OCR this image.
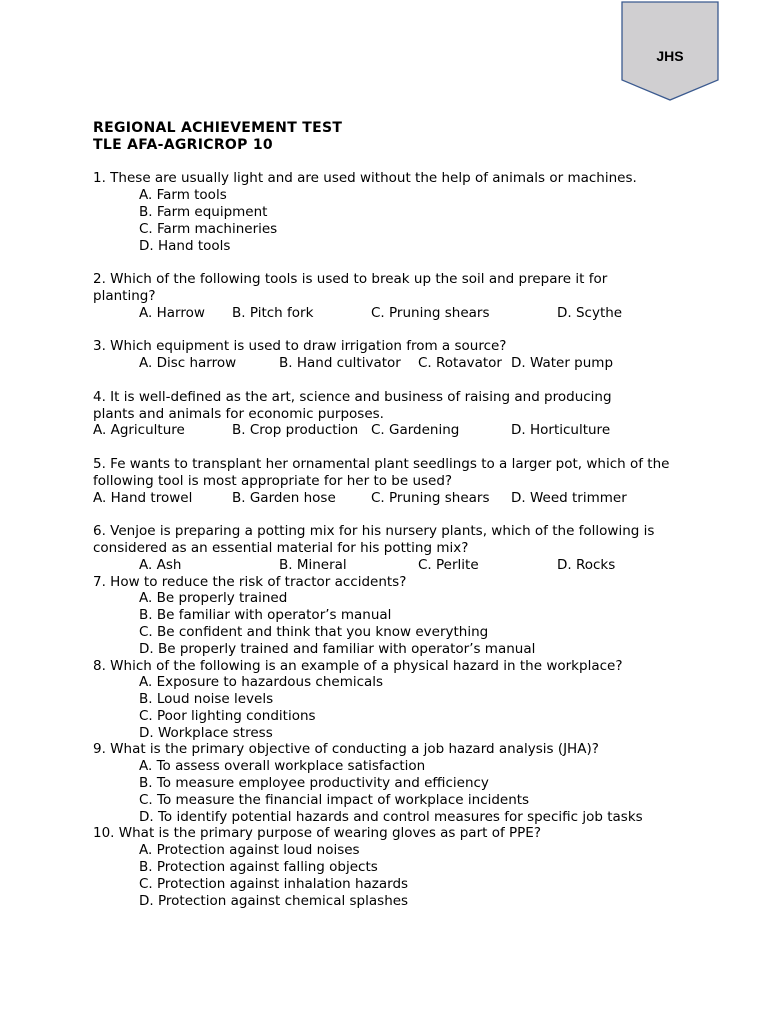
JHS
REGIONAL ACHIEVEMENT TEST
TLE AFA-AGRICROP 10
1. These are usually light and are used without the help of animals or machines.
A. Farm tools
B. Farm equipment
C. Farm machineries
D. Hand tools
2. Which of the following tools is used to break up the soil and prepare it for planting?
A. Harrow B. Pitch fork	C. Pruning shears	D. Scythe
3. Which equipment is used to draw irrigation from a source?
A. Disc harrow	B. Hand cultivator C. Rotavator D. Water pump
4. It is well-defined as the art, science and business of raising and producing plants and animals for economic purposes.
A. Agriculture	B. Crop production C. Gardening	D. Horticulture
5. Fe wants to transplant her ornamental plant seedlings to a larger pot, which of the following tool is most appropriate for her to be used?
A. Hand trowel	B. Garden hose	C. Pruning shears D. Weed trimmer
6. Venjoe is preparing a potting mix for his nursery plants, which of the following is considered as an essential material for his potting mix?
A. Ash	B. Mineral	C. Perlite	D. Rocks
7. How to reduce the risk of tractor accidents?
A. Be properly trained
B. Be familiar with operator’s manual
C. Be confident and think that you know everything
D. Be properly trained and familiar with operator’s manual
8. Which of the following is an example of a physical hazard in the workplace?
A. Exposure to hazardous chemicals
B. Loud noise levels
C. Poor lighting conditions
D. Workplace stress
9. What is the primary objective of conducting a job hazard analysis (JHA)?
A. To assess overall workplace satisfaction
B. To measure employee productivity and efficiency
C. To measure the financial impact of workplace incidents
D. To identify potential hazards and control measures for specific job tasks
10. What is the primary purpose of wearing gloves as part of PPE?
A. Protection against loud noises
B. Protection against falling objects
C. Protection against inhalation hazards
D. Protection against chemical splashes
